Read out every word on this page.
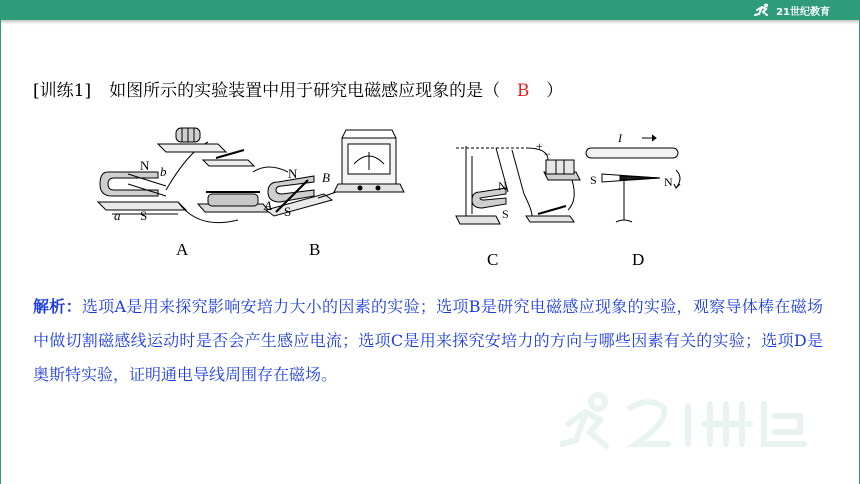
21世纪教育
[训练1] 如图所示的实验装置中用于研究电磁感应现象的是（ B ）
N b
S
a
N
S
A
B
A	B
N
S
+
−
C
I
S	N
D
解析：选项A是用来探究影响安培力大小的因素的实验；选项B是研究电磁感应现象的实验，观察导体棒在磁场中做切割磁感线运动时是否会产生感应电流；选项C是用来探究安培力的方向与哪些因素有关的实验；选项D是奥斯特实验，证明通电导线周围存在磁场。
